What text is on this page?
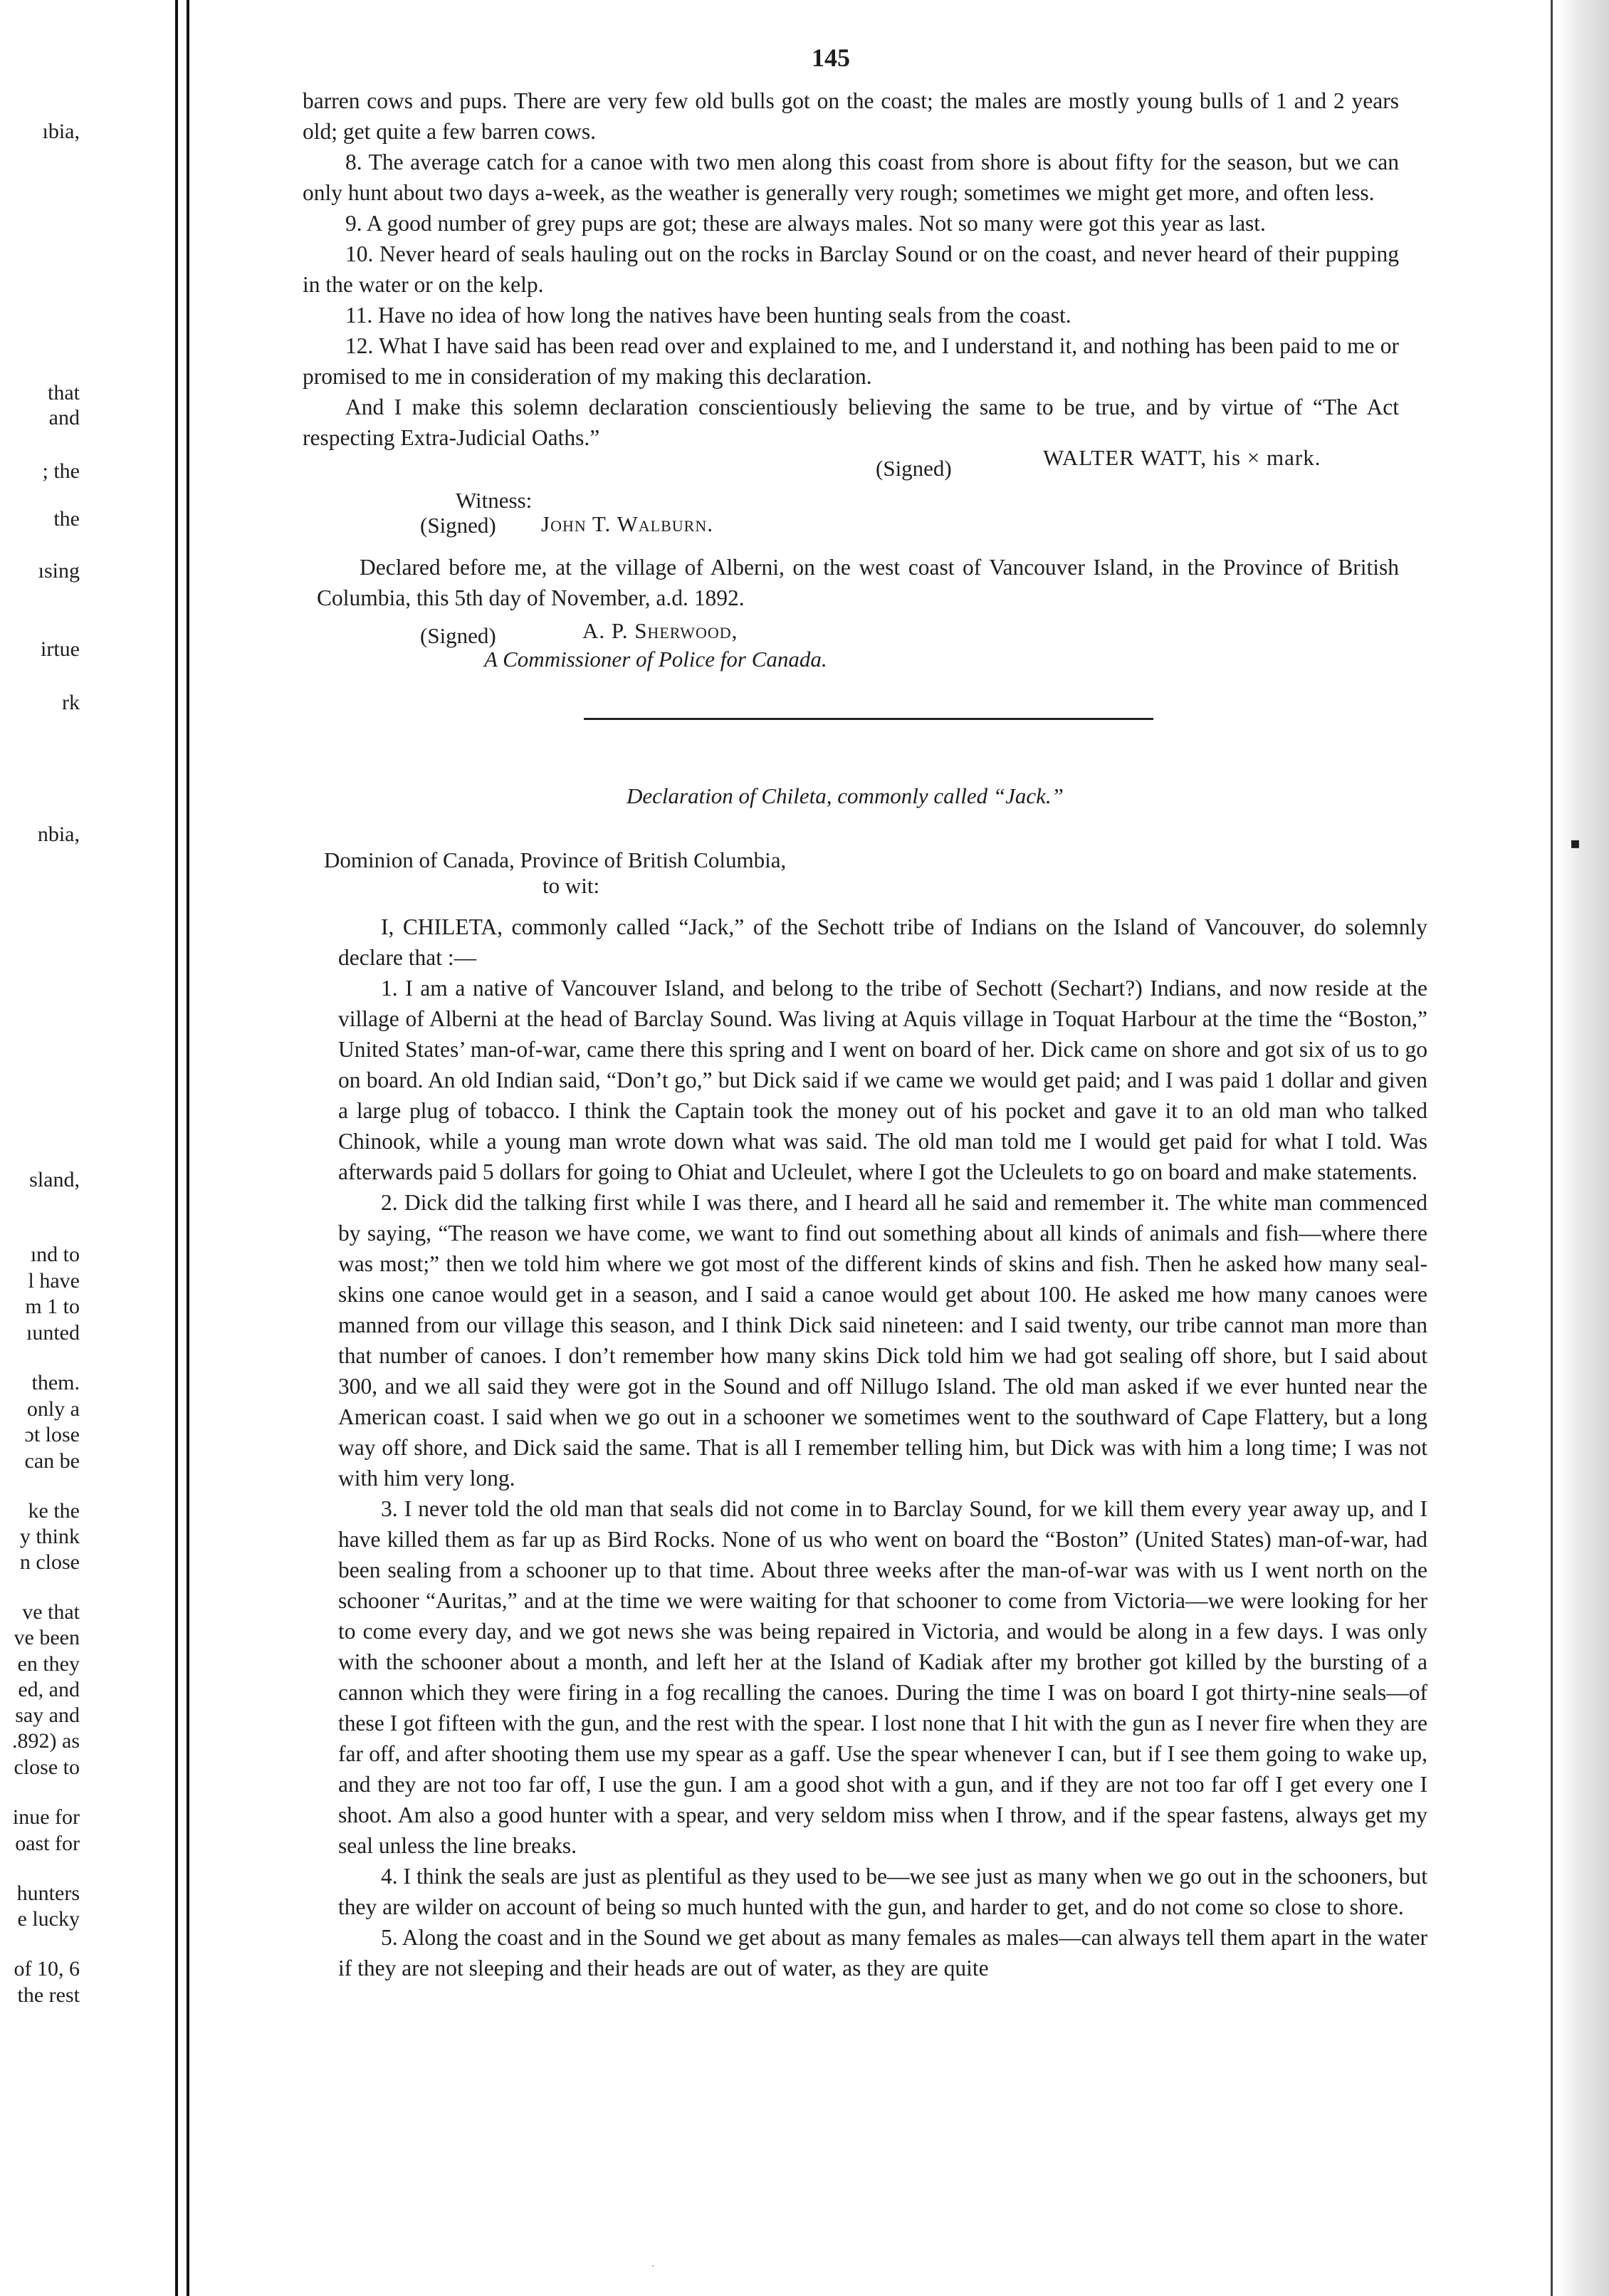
▪
ıbia,
that
and
; the
the
ısing
irtue
rk
nbia,
sland,
ınd to
l have
m 1 to
ıunted
them.
only a
ɔt lose
can be
ke the
y think
n close
ve that
ve been
en they
ed, and
say and
.892) as
close to
inue for
oast for
hunters
e lucky
of 10, 6
the rest
145

barren cows and pups. There are very few old bulls got on the coast; the males are mostly young bulls of 1 and 2 years old; get quite a few barren cows.

8. The average catch for a canoe with two men along this coast from shore is about fifty for the season, but we can only hunt about two days a-week, as the weather is generally very rough; sometimes we might get more, and often less.

9. A good number of grey pups are got; these are always males. Not so many were got this year as last.

10. Never heard of seals hauling out on the rocks in Barclay Sound or on the coast, and never heard of their pupping in the water or on the kelp.

11. Have no idea of how long the natives have been hunting seals from the coast.

12. What I have said has been read over and explained to me, and I understand it, and nothing has been paid to me or promised to me in consideration of my making this declaration.

And I make this solemn declaration conscientiously believing the same to be true, and by virtue of “The Act respecting Extra-Judicial Oaths.”

(Signed)	WALTER WATT, his × mark.
Witness:
(Signed) John T. Walburn.

Declared before me, at the village of Alberni, on the west coast of Vancouver Island, in the Province of British Columbia, this 5th day of November, a.d. 1892.

(Signed)	A. P. Sherwood,
A Commissioner of Police for Canada.
Declaration of Chileta, commonly called “Jack.”
Dominion of Canada, Province of British Columbia,
to wit:

I, CHILETA, commonly called “Jack,” of the Sechott tribe of Indians on the Island of Vancouver, do solemnly declare that :—

1. I am a native of Vancouver Island, and belong to the tribe of Sechott (Sechart?) Indians, and now reside at the village of Alberni at the head of Barclay Sound. Was living at Aquis village in Toquat Harbour at the time the “Boston,” United States’ man-of-war, came there this spring and I went on board of her. Dick came on shore and got six of us to go on board. An old Indian said, “Don’t go,” but Dick said if we came we would get paid; and I was paid 1 dollar and given a large plug of tobacco. I think the Captain took the money out of his pocket and gave it to an old man who talked Chinook, while a young man wrote down what was said. The old man told me I would get paid for what I told. Was afterwards paid 5 dollars for going to Ohiat and Ucleulet, where I got the Ucleulets to go on board and make statements.

2. Dick did the talking first while I was there, and I heard all he said and remember it. The white man commenced by saying, “The reason we have come, we want to find out something about all kinds of animals and fish—where there was most;” then we told him where we got most of the different kinds of skins and fish. Then he asked how many seal-skins one canoe would get in a season, and I said a canoe would get about 100. He asked me how many canoes were manned from our village this season, and I think Dick said nineteen: and I said twenty, our tribe cannot man more than that number of canoes. I don’t remember how many skins Dick told him we had got sealing off shore, but I said about 300, and we all said they were got in the Sound and off Nillugo Island. The old man asked if we ever hunted near the American coast. I said when we go out in a schooner we sometimes went to the southward of Cape Flattery, but a long way off shore, and Dick said the same. That is all I remember telling him, but Dick was with him a long time; I was not with him very long.

3. I never told the old man that seals did not come in to Barclay Sound, for we kill them every year away up, and I have killed them as far up as Bird Rocks. None of us who went on board the “Boston” (United States) man-of-war, had been sealing from a schooner up to that time. About three weeks after the man-of-war was with us I went north on the schooner “Auritas,” and at the time we were waiting for that schooner to come from Victoria—we were looking for her to come every day, and we got news she was being repaired in Victoria, and would be along in a few days. I was only with the schooner about a month, and left her at the Island of Kadiak after my brother got killed by the bursting of a cannon which they were firing in a fog recalling the canoes. During the time I was on board I got thirty-nine seals—of these I got fifteen with the gun, and the rest with the spear. I lost none that I hit with the gun as I never fire when they are far off, and after shooting them use my spear as a gaff. Use the spear whenever I can, but if I see them going to wake up, and they are not too far off, I use the gun. I am a good shot with a gun, and if they are not too far off I get every one I shoot. Am also a good hunter with a spear, and very seldom miss when I throw, and if the spear fastens, always get my seal unless the line breaks.

4. I think the seals are just as plentiful as they used to be—we see just as many when we go out in the schooners, but they are wilder on account of being so much hunted with the gun, and harder to get, and do not come so close to shore.

5. Along the coast and in the Sound we get about as many females as males—can always tell them apart in the water if they are not sleeping and their heads are out of water, as they are quite

·
